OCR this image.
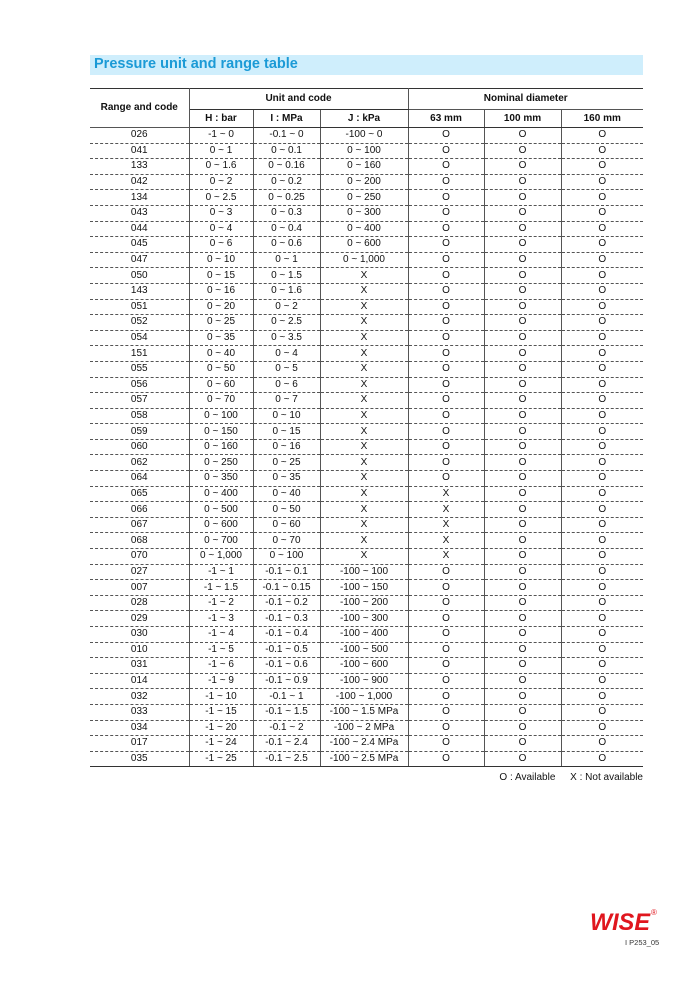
Pressure unit and range table
Range and code	Unit and code			Nominal diameter		
	H : bar	I : MPa	J : kPa	63 mm	100 mm	160 mm
026	-1 ~ 0	-0.1 ~ 0	-100 ~ 0	O	O	O
041	0 ~ 1	0 ~ 0.1	0 ~ 100	O	O	O
133	0 ~ 1.6	0 ~ 0.16	0 ~ 160	O	O	O
042	0 ~ 2	0 ~ 0.2	0 ~ 200	O	O	O
134	0 ~ 2.5	0 ~ 0.25	0 ~ 250	O	O	O
043	0 ~ 3	0 ~ 0.3	0 ~ 300	O	O	O
044	0 ~ 4	0 ~ 0.4	0 ~ 400	O	O	O
045	0 ~ 6	0 ~ 0.6	0 ~ 600	O	O	O
047	0 ~ 10	0 ~ 1	0 ~ 1,000	O	O	O
050	0 ~ 15	0 ~ 1.5	X	O	O	O
143	0 ~ 16	0 ~ 1.6	X	O	O	O
051	0 ~ 20	0 ~ 2	X	O	O	O
052	0 ~ 25	0 ~ 2.5	X	O	O	O
054	0 ~ 35	0 ~ 3.5	X	O	O	O
151	0 ~ 40	0 ~ 4	X	O	O	O
055	0 ~ 50	0 ~ 5	X	O	O	O
056	0 ~ 60	0 ~ 6	X	O	O	O
057	0 ~ 70	0 ~ 7	X	O	O	O
058	0 ~ 100	0 ~ 10	X	O	O	O
059	0 ~ 150	0 ~ 15	X	O	O	O
060	0 ~ 160	0 ~ 16	X	O	O	O
062	0 ~ 250	0 ~ 25	X	O	O	O
064	0 ~ 350	0 ~ 35	X	O	O	O
065	0 ~ 400	0 ~ 40	X	X	O	O
066	0 ~ 500	0 ~ 50	X	X	O	O
067	0 ~ 600	0 ~ 60	X	X	O	O
068	0 ~ 700	0 ~ 70	X	X	O	O
070	0 ~ 1,000	0 ~ 100	X	X	O	O
027	-1 ~ 1	-0.1 ~ 0.1	-100 ~ 100	O	O	O
007	-1 ~ 1.5	-0.1 ~ 0.15	-100 ~ 150	O	O	O
028	-1 ~ 2	-0.1 ~ 0.2	-100 ~ 200	O	O	O
029	-1 ~ 3	-0.1 ~ 0.3	-100 ~ 300	O	O	O
030	-1 ~ 4	-0.1 ~ 0.4	-100 ~ 400	O	O	O
010	-1 ~ 5	-0.1 ~ 0.5	-100 ~ 500	O	O	O
031	-1 ~ 6	-0.1 ~ 0.6	-100 ~ 600	O	O	O
014	-1 ~ 9	-0.1 ~ 0.9	-100 ~ 900	O	O	O
032	-1 ~ 10	-0.1 ~ 1	-100 ~ 1,000	O	O	O
033	-1 ~ 15	-0.1 ~ 1.5	-100 ~ 1.5 MPa	O	O	O
034	-1 ~ 20	-0.1 ~ 2	-100 ~ 2 MPa	O	O	O
017	-1 ~ 24	-0.1 ~ 2.4	-100 ~ 2.4 MPa	O	O	O
035	-1 ~ 25	-0.1 ~ 2.5	-100 ~ 2.5 MPa	O	O	O
O : Available X : Not available
WISE ®
I P253_05
